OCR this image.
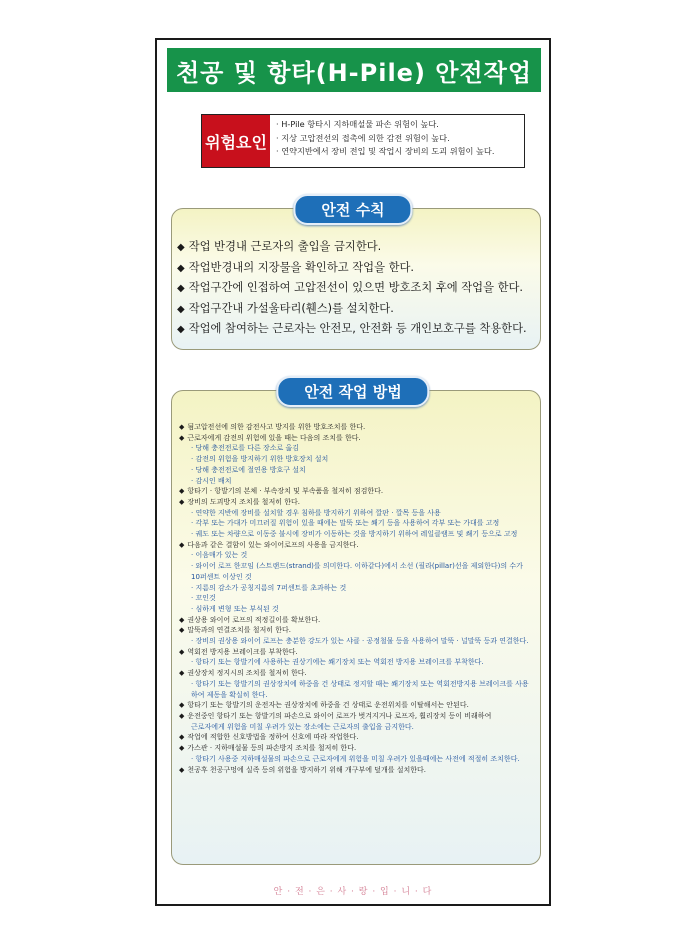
천공 및 항타(H-Pile) 안전작업
위험요인
· H-Pile 항타시 지하매설물 파손 위험이 높다.
· 지상 고압전선의 접촉에 의한 감전 위험이 높다.
· 연약지반에서 장비 전입 및 작업시 장비의 도괴 위험이 높다.
안전 수칙
◆ 작업 반경내 근로자의 출입을 금지한다.
◆ 작업반경내의 지장물을 확인하고 작업을 한다.
◆ 작업구간에 인접하여 고압전선이 있으면 방호조치 후에 작업을 한다.
◆ 작업구간내 가설울타리(휀스)를 설치한다.
◆ 작업에 참여하는 근로자는 안전모, 안전화 등 개인보호구를 착용한다.
안전 작업 방법
◆ 됨고압전선에 의한 감전사고 방지를 위한 방호조치를 한다.
◆ 근로자에게 감전의 위험에 있을 때는 다음의 조치를 한다.
· 당해 충전전로를 다른 장소로 옮김
· 감전의 위험을 방지하기 위한 방호장치 설치
· 당해 충전전로에 절연용 방호구 설치
· 감시인 배치
◆ 항타기 · 항발기의 본체 · 부속장치 및 부속품을 철저히 점검한다.
◆ 장비의 도괴방지 조치를 철저히 한다.
· 연약한 지반에 장비를 설치할 경우 침하를 방지하기 위하여 깔판 · 깔목 등을 사용
· 각부 또는 가대가 미끄러질 위험이 있을 때에는 말뚝 또는 쐐기 등을 사용하여 각부 또는 가대를 고정
· 궤도 또는 차량으로 이동중 불시에 장비가 이동하는 것을 방지하기 위하여 레일클램프 및 쐐기 등으로 고정
◆ 다음과 같은 결함이 있는 와이어로프의 사용을 금지한다.
· 이음매가 있는 것
· 와이어 로프 한꼬임 (스트랜드(strand)를 의미한다. 이하같다)에서 소선 (필라(pillar)선을 제외한다)의 수가
10퍼센트 이상인 것
· 지름의 감소가 공칭지름의 7퍼센트를 초과하는 것
· 꼬인것
· 심하게 변형 또는 부식된 것
◆ 권상용 와이어 로프의 적정길이를 확보한다.
◆ 말뚝과의 연결조치를 철저히 한다.
· 장비의 권상용 와이어 로프는 충분한 강도가 있는 샤클 · 공정철물 등을 사용하여 말뚝 · 널말뚝 등과 연결한다.
◆ 역회전 방지용 브레이크를 부착한다.
· 항타기 또는 항발기에 사용하는 권상기에는 쐐기장치 또는 역회전 방지용 브레이크를 부착한다.
◆ 권상장치 정지시의 조치를 철저히 한다.
· 항타기 또는 항발기의 권상장치에 하중을 건 상태로 정지할 때는 쐐기장치 또는 역회전방지용 브레이크를 사용
하여 제동을 확실히 한다.
◆ 항타기 또는 항발기의 운전자는 권상장치에 하중을 건 상태로 운전위치를 이탈해서는 안된다.
◆ 운전중인 항타기 또는 항발기의 파손으로 와이어 로프가 벗겨지거나 로프자, 훨리장치 등이 비래하여
근로자에게 위험을 미칠 우려가 있는 장소에는 근로자의 출입을 금지한다.
◆ 작업에 적합한 신호방법을 정하여 신호에 따라 작업한다.
◆ 가스관 · 지하매설물 등의 파손방지 조치를 철저히 한다.
· 항타기 사용중 지하매설물의 파손으로 근로자에게 위험을 미칠 우려가 있을때에는 사전에 적절히 조치한다.
◆ 천공후 천공구멍에 실족 등의 위험을 방지하기 위해 개구부에 덮개를 설치한다.
안 · 전 · 은 · 사 · 랑 · 입 · 니 · 다
